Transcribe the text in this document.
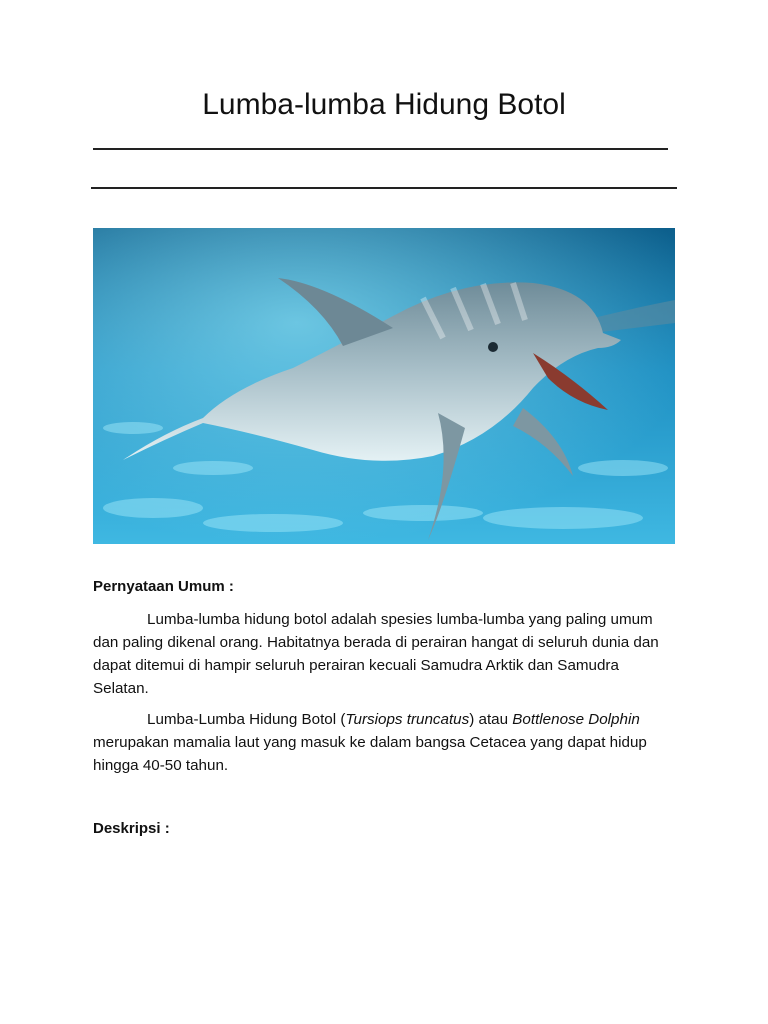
Lumba-lumba Hidung Botol
Pernyataan Umum :

Lumba-lumba hidung botol adalah spesies lumba-lumba yang paling umum dan paling dikenal orang. Habitatnya berada di perairan hangat di seluruh dunia dan dapat ditemui di hampir seluruh perairan kecuali Samudra Arktik dan Samudra Selatan.

Lumba-Lumba Hidung Botol (Tursiops truncatus) atau Bottlenose Dolphin merupakan mamalia laut yang masuk ke dalam bangsa Cetacea yang dapat hidup hingga 40-50 tahun.

Deskripsi :
